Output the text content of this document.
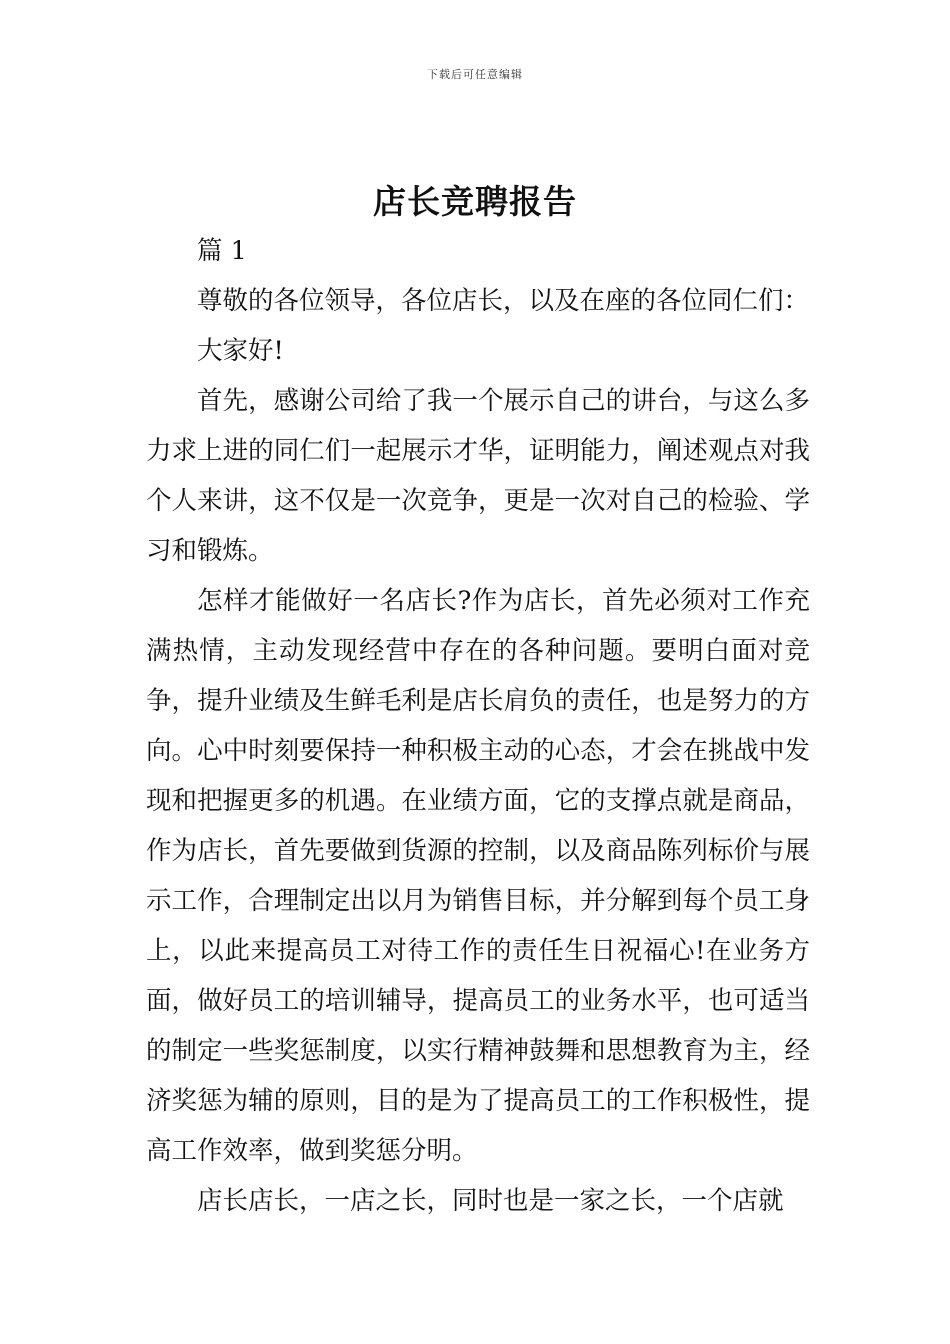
下载后可任意编辑
店长竞聘报告

篇 1

尊敬的各位领导，各位店长，以及在座的各位同仁们：

大家好!

首先，感谢公司给了我一个展示自己的讲台，与这么多力求上进的同仁们一起展示才华，证明能力，阐述观点对我个人来讲，这不仅是一次竞争，更是一次对自己的检验、学习和锻炼。

怎样才能做好一名店长?作为店长，首先必须对工作充满热情，主动发现经营中存在的各种问题。要明白面对竞争，提升业绩及生鲜毛利是店长肩负的责任，也是努力的方向。心中时刻要保持一种积极主动的心态，才会在挑战中发现和把握更多的机遇。在业绩方面，它的支撑点就是商品，作为店长，首先要做到货源的控制，以及商品陈列标价与展示工作，合理制定出以月为销售目标，并分解到每个员工身上，以此来提高员工对待工作的责任生日祝福心!在业务方面，做好员工的培训辅导，提高员工的业务水平，也可适当的制定一些奖惩制度，以实行精神鼓舞和思想教育为主，经济奖惩为辅的原则，目的是为了提高员工的工作积极性，提高工作效率，做到奖惩分明。

店长店长，一店之长，同时也是一家之长，一个店就
